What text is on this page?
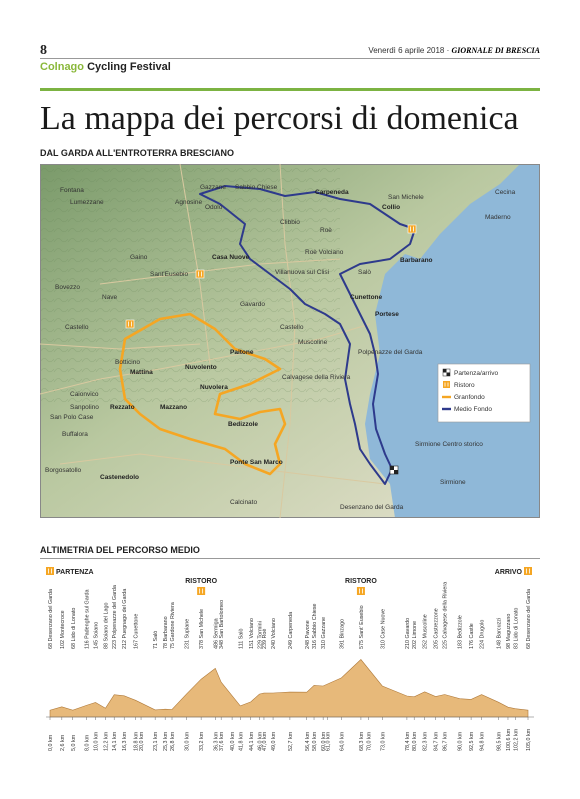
8	Venerdì 6 aprile 2018 · GIORNALE DI BRESCIA
Colnago Cycling Festival
La mappa dei percorsi di domenica
DAL GARDA ALL'ENTROTERRA BRESCIANO
Fontana
Lumezzane
Gazzane Sabbio Chiese
Carpeneda
Agnosine
Odolo	Collio
San Michele
Cecina
Maderno
Clibbio
Roè
Roè Volciano
Gaino	Casa Nuove
Sant'Eusebio	Villanuova sul Clisi	Salò
Barbarano
Bovezzo
Nave	Cunettone
Portese
Gavardo
Castello	Castello
Paitone
Muscoline
Polpenazze del Garda
Botticino
Mattina
Nuvolento
Nuvolera
Calvagese della Riviera
Caionvico
Sanpolino
San Polo Case
Rezzato	Mazzano
Buffalora
Bedizzole
Sirmione Centro storico
Borgosatollo
Castenedolo
Ponte San Marco
Calcinato
Sirmione
Desenzano del Garda
Partenza/arrivo
Ristoro
Granfondo
Medio Fondo
ALTIMETRIA DEL PERCORSO MEDIO
68 Desenzano del Garda 102 Montecroce 68 Lido di Lonato 116 Padenghe sul Garda 145 Soiano 88 Soiano del Lago 223 Polpenazze del Garda 212 Puegnago del Garda 167 Cunettone	71 Salò 78 Barbarano 75 Gardone Riviera 231 Supiane 378 San Michele 486 Sermiga 348 San Bartolomeo 111 Salò 151 Volciano 229 Tormini
239 Roè 240 Volciano 249 Carpeneda 248 Pavone 316 Sabbio Chiese 310 Gazzane 391 Binzago	575 Sant' Eusebio	310 Case Nuove	210 Gavardo 202 Limone 252 Muscoline 205 Castrezzone 225 Calvagese della Riviera 183 Bedizzole 176 Castle 224 Drugolo 148 Barcuzzi 98 Maguzzano 83 Lido di Lonato 68 Desenzano del Garda
0,0 km 2,6 km 5,0 km 8,0 km 10,0 km 12,2 km 14,1 km 16,3 km 18,8 km 20,0 km 23,1 km 25,3 km 26,8 km 30,0 km 33,2 km 36,3 km 37,6 km 40,0 km 41,8 km 44,1 km 46,0 km
47,0 km 49,0 km 52,7 km 56,4 km 58,0 km 60,0 km
61,0 km 64,0 km	68,3 km 70,0 km 73,0 km	78,4 km 80,0 km 82,3 km 84,7 km 86,7 km 90,0 km 92,5 km 94,8 km 98,5 km 100,6 km 102,2 km 105,0 km
PARTENZA
RISTORO	RISTORO
ARRIVO
